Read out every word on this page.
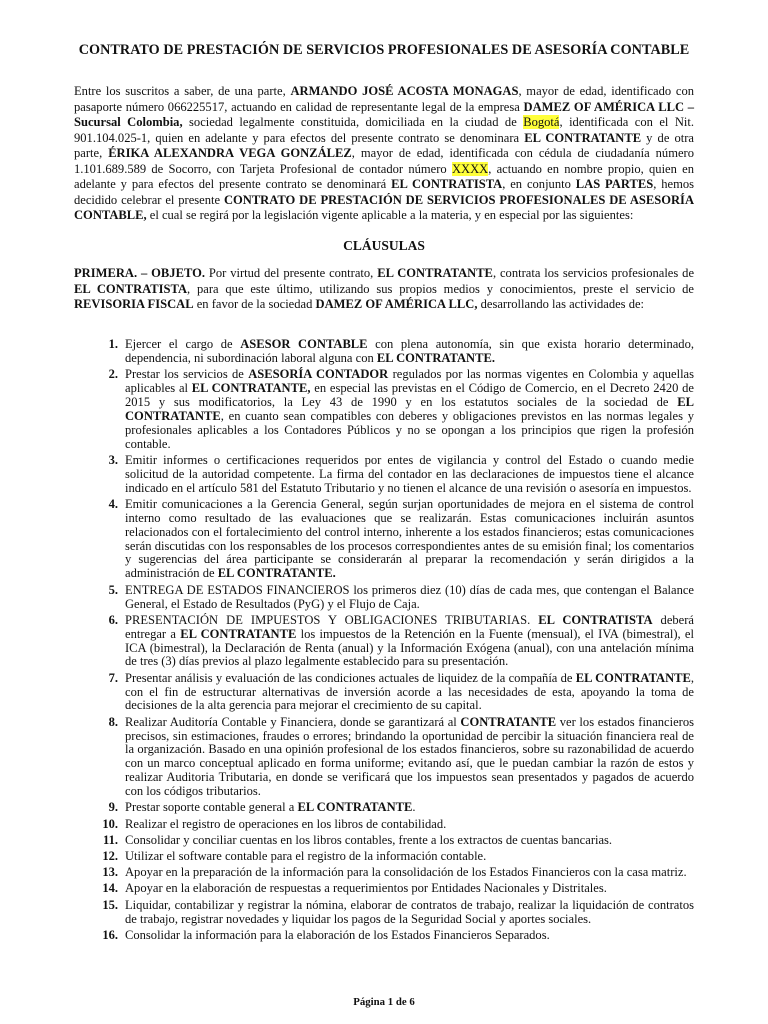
CONTRATO DE PRESTACIÓN DE SERVICIOS PROFESIONALES DE ASESORÍA CONTABLE

Entre los suscritos a saber, de una parte, ARMANDO JOSÉ ACOSTA MONAGAS, mayor de edad, identificado con pasaporte número 066225517, actuando en calidad de representante legal de la empresa DAMEZ OF AMÉRICA LLC – Sucursal Colombia, sociedad legalmente constituida, domiciliada en la ciudad de Bogotá, identificada con el Nit. 901.104.025-1, quien en adelante y para efectos del presente contrato se denominara EL CONTRATANTE y de otra parte, ÉRIKA ALEXANDRA VEGA GONZÁLEZ, mayor de edad, identificada con cédula de ciudadanía número 1.101.689.589 de Socorro, con Tarjeta Profesional de contador número XXXX, actuando en nombre propio, quien en adelante y para efectos del presente contrato se denominará EL CONTRATISTA, en conjunto LAS PARTES, hemos decidido celebrar el presente CONTRATO DE PRESTACIÓN DE SERVICIOS PROFESIONALES DE ASESORÍA CONTABLE, el cual se regirá por la legislación vigente aplicable a la materia, y en especial por las siguientes:

CLÁUSULAS

PRIMERA. – OBJETO. Por virtud del presente contrato, EL CONTRATANTE, contrata los servicios profesionales de EL CONTRATISTA, para que este último, utilizando sus propios medios y conocimientos, preste el servicio de REVISORIA FISCAL en favor de la sociedad DAMEZ OF AMÉRICA LLC, desarrollando las actividades de:

1. Ejercer el cargo de ASESOR CONTABLE con plena autonomía, sin que exista horario determinado, dependencia, ni subordinación laboral alguna con EL CONTRATANTE.
2. Prestar los servicios de ASESORÍA CONTADOR regulados por las normas vigentes en Colombia y aquellas aplicables al EL CONTRATANTE, en especial las previstas en el Código de Comercio, en el Decreto 2420 de 2015 y sus modificatorios, la Ley 43 de 1990 y en los estatutos sociales de la sociedad de EL CONTRATANTE, en cuanto sean compatibles con deberes y obligaciones previstos en las normas legales y profesionales aplicables a los Contadores Públicos y no se opongan a los principios que rigen la profesión contable.
3. Emitir informes o certificaciones requeridos por entes de vigilancia y control del Estado o cuando medie solicitud de la autoridad competente. La firma del contador en las declaraciones de impuestos tiene el alcance indicado en el artículo 581 del Estatuto Tributario y no tienen el alcance de una revisión o asesoría en impuestos.
4. Emitir comunicaciones a la Gerencia General, según surjan oportunidades de mejora en el sistema de control interno como resultado de las evaluaciones que se realizarán. Estas comunicaciones incluirán asuntos relacionados con el fortalecimiento del control interno, inherente a los estados financieros; estas comunicaciones serán discutidas con los responsables de los procesos correspondientes antes de su emisión final; los comentarios y sugerencias del área participante se considerarán al preparar la recomendación y serán dirigidos a la administración de EL CONTRATANTE.
5. ENTREGA DE ESTADOS FINANCIEROS los primeros diez (10) días de cada mes, que contengan el Balance General, el Estado de Resultados (PyG) y el Flujo de Caja.
6. PRESENTACIÓN DE IMPUESTOS Y OBLIGACIONES TRIBUTARIAS. EL CONTRATISTA deberá entregar a EL CONTRATANTE los impuestos de la Retención en la Fuente (mensual), el IVA (bimestral), el ICA (bimestral), la Declaración de Renta (anual) y la Información Exógena (anual), con una antelación mínima de tres (3) días previos al plazo legalmente establecido para su presentación.
7. Presentar análisis y evaluación de las condiciones actuales de liquidez de la compañía de EL CONTRATANTE, con el fin de estructurar alternativas de inversión acorde a las necesidades de esta, apoyando la toma de decisiones de la alta gerencia para mejorar el crecimiento de su capital.
8. Realizar Auditoría Contable y Financiera, donde se garantizará al CONTRATANTE ver los estados financieros precisos, sin estimaciones, fraudes o errores; brindando la oportunidad de percibir la situación financiera real de la organización. Basado en una opinión profesional de los estados financieros, sobre su razonabilidad de acuerdo con un marco conceptual aplicado en forma uniforme; evitando así, que le puedan cambiar la razón de estos y realizar Auditoria Tributaria, en donde se verificará que los impuestos sean presentados y pagados de acuerdo con los códigos tributarios.
9. Prestar soporte contable general a EL CONTRATANTE.
10. Realizar el registro de operaciones en los libros de contabilidad.
11. Consolidar y conciliar cuentas en los libros contables, frente a los extractos de cuentas bancarias.
12. Utilizar el software contable para el registro de la información contable.
13. Apoyar en la preparación de la información para la consolidación de los Estados Financieros con la casa matriz.
14. Apoyar en la elaboración de respuestas a requerimientos por Entidades Nacionales y Distritales.
15. Liquidar, contabilizar y registrar la nómina, elaborar de contratos de trabajo, realizar la liquidación de contratos de trabajo, registrar novedades y liquidar los pagos de la Seguridad Social y aportes sociales.
16. Consolidar la información para la elaboración de los Estados Financieros Separados.
Página 1 de 6
